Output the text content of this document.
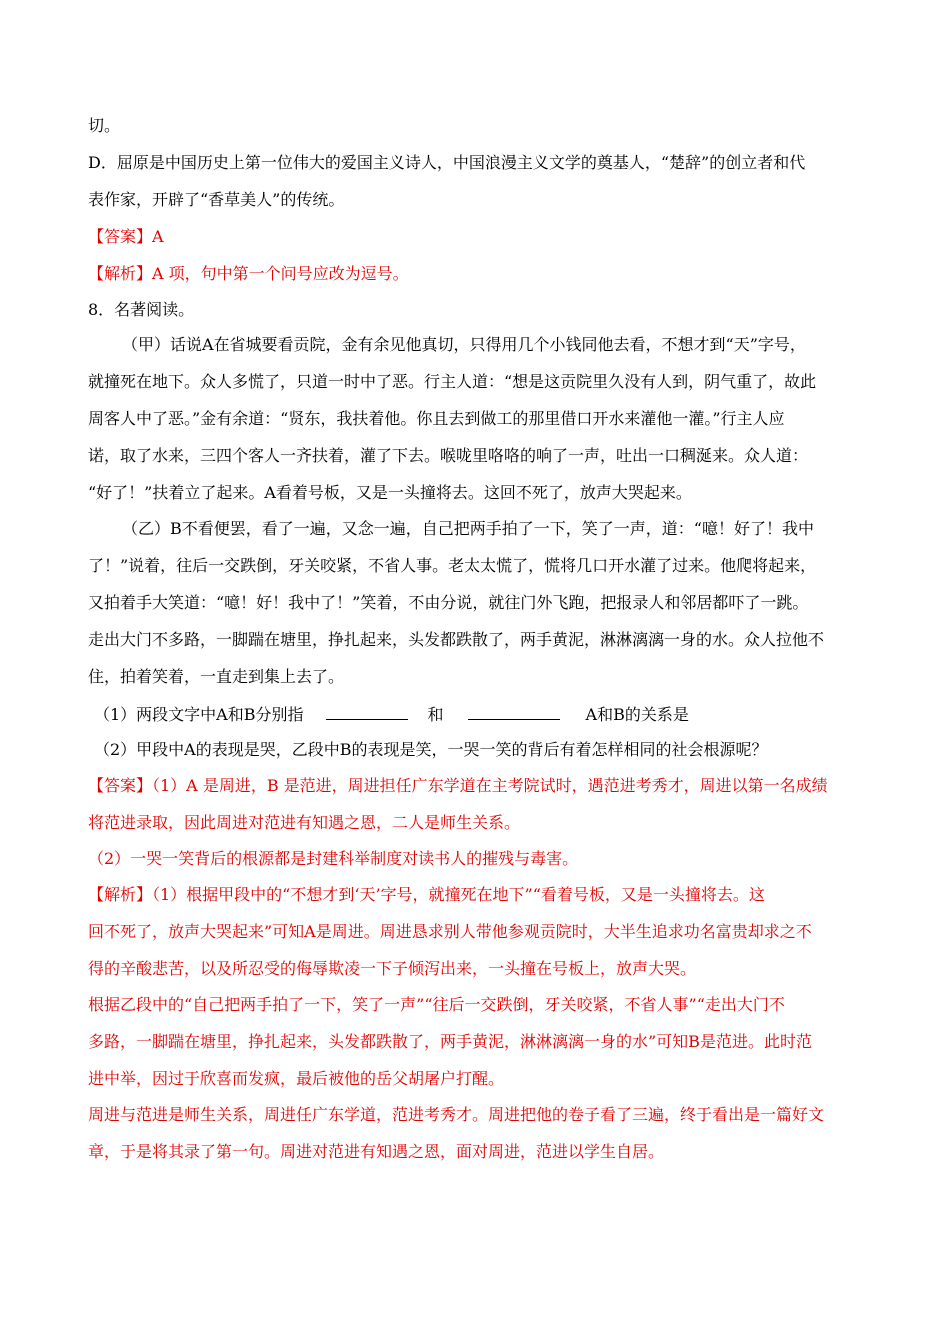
切。
D．屈原是中国历史上第一位伟大的爱国主义诗人，中国浪漫主义文学的奠基人，“楚辞”的创立者和代
表作家，开辟了“香草美人”的传统。
【答案】A
【解析】A 项，句中第一个问号应改为逗号。
8．名著阅读。
（甲）话说A在省城要看贡院，金有余见他真切，只得用几个小钱同他去看，不想才到“天”字号，
就撞死在地下。众人多慌了，只道一时中了恶。行主人道：“想是这贡院里久没有人到，阴气重了，故此
周客人中了恶。”金有余道：“贤东，我扶着他。你且去到做工的那里借口开水来灌他一灌。”行主人应
诺，取了水来，三四个客人一齐扶着，灌了下去。喉咙里咯咯的响了一声，吐出一口稠涎来。众人道：
“好了！”扶着立了起来。A看着号板，又是一头撞将去。这回不死了，放声大哭起来。
（乙）B不看便罢，看了一遍，又念一遍，自己把两手拍了一下，笑了一声，道：“噫！好了！我中
了！”说着，往后一交跌倒，牙关咬紧，不省人事。老太太慌了，慌将几口开水灌了过来。他爬将起来，
又拍着手大笑道：“噫！好！我中了！”笑着，不由分说，就往门外飞跑，把报录人和邻居都吓了一跳。
走出大门不多路，一脚踹在塘里，挣扎起来，头发都跌散了，两手黄泥，淋淋漓漓一身的水。众人拉他不
住，拍着笑着，一直走到集上去了。
（1）两段文字中A和B分别指	和	A和B的关系是
（2）甲段中A的表现是哭，乙段中B的表现是笑，一哭一笑的背后有着怎样相同的社会根源呢？
【答案】（1）A 是周进，B 是范进，周进担任广东学道在主考院试时，遇范进考秀才，周进以第一名成绩
将范进录取，因此周进对范进有知遇之恩，二人是师生关系。
（2）一哭一笑背后的根源都是封建科举制度对读书人的摧残与毒害。
【解析】（1）根据甲段中的“不想才到‘天’字号，就撞死在地下”“看着号板，又是一头撞将去。这
回不死了，放声大哭起来”可知A是周进。周进恳求别人带他参观贡院时，大半生追求功名富贵却求之不
得的辛酸悲苦，以及所忍受的侮辱欺凌一下子倾泻出来，一头撞在号板上，放声大哭。
根据乙段中的“自己把两手拍了一下，笑了一声”“往后一交跌倒，牙关咬紧，不省人事”“走出大门不
多路，一脚踹在塘里，挣扎起来，头发都跌散了，两手黄泥，淋淋漓漓一身的水”可知B是范进。此时范
进中举，因过于欣喜而发疯，最后被他的岳父胡屠户打醒。
周进与范进是师生关系，周进任广东学道，范进考秀才。周进把他的卷子看了三遍，终于看出是一篇好文
章，于是将其录了第一句。周进对范进有知遇之恩，面对周进，范进以学生自居。
